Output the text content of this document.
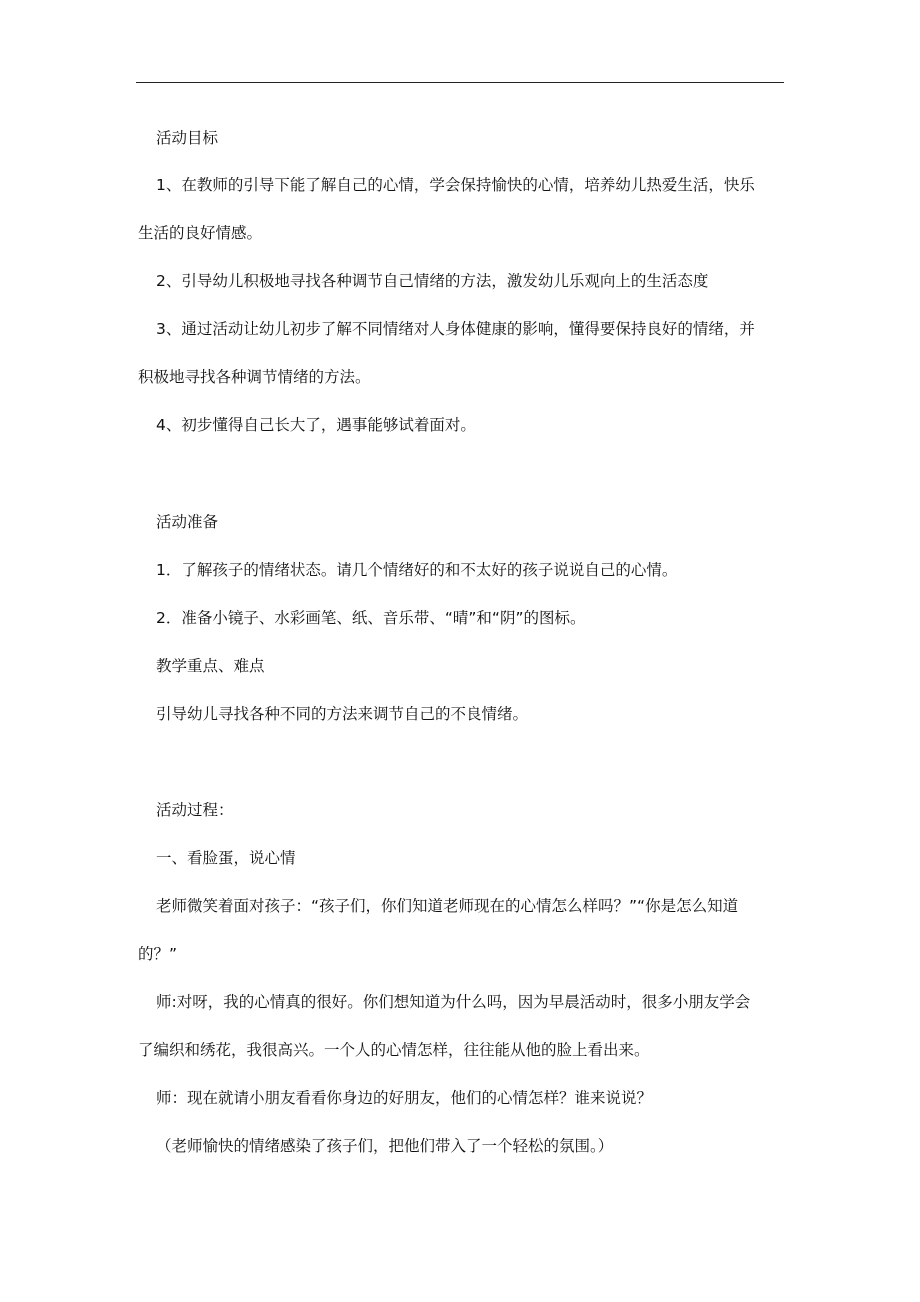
活动目标
1、在教师的引导下能了解自己的心情，学会保持愉快的心情，培养幼儿热爱生活，快乐
生活的良好情感。
2、引导幼儿积极地寻找各种调节自己情绪的方法，激发幼儿乐观向上的生活态度
3、通过活动让幼儿初步了解不同情绪对人身体健康的影响，懂得要保持良好的情绪，并
积极地寻找各种调节情绪的方法。
4、初步懂得自己长大了，遇事能够试着面对。
活动准备
1．了解孩子的情绪状态。请几个情绪好的和不太好的孩子说说自己的心情。
2．准备小镜子、水彩画笔、纸、音乐带、“晴”和“阴”的图标。
教学重点、难点
引导幼儿寻找各种不同的方法来调节自己的不良情绪。
活动过程：
一、看脸蛋，说心情
老师微笑着面对孩子：“孩子们，你们知道老师现在的心情怎么样吗？”“你是怎么知道
的？”
师:对呀，我的心情真的很好。你们想知道为什么吗，因为早晨活动时，很多小朋友学会
了编织和绣花，我很高兴。一个人的心情怎样，往往能从他的脸上看出来。
师：现在就请小朋友看看你身边的好朋友，他们的心情怎样？谁来说说？
（老师愉快的情绪感染了孩子们，把他们带入了一个轻松的氛围。）
